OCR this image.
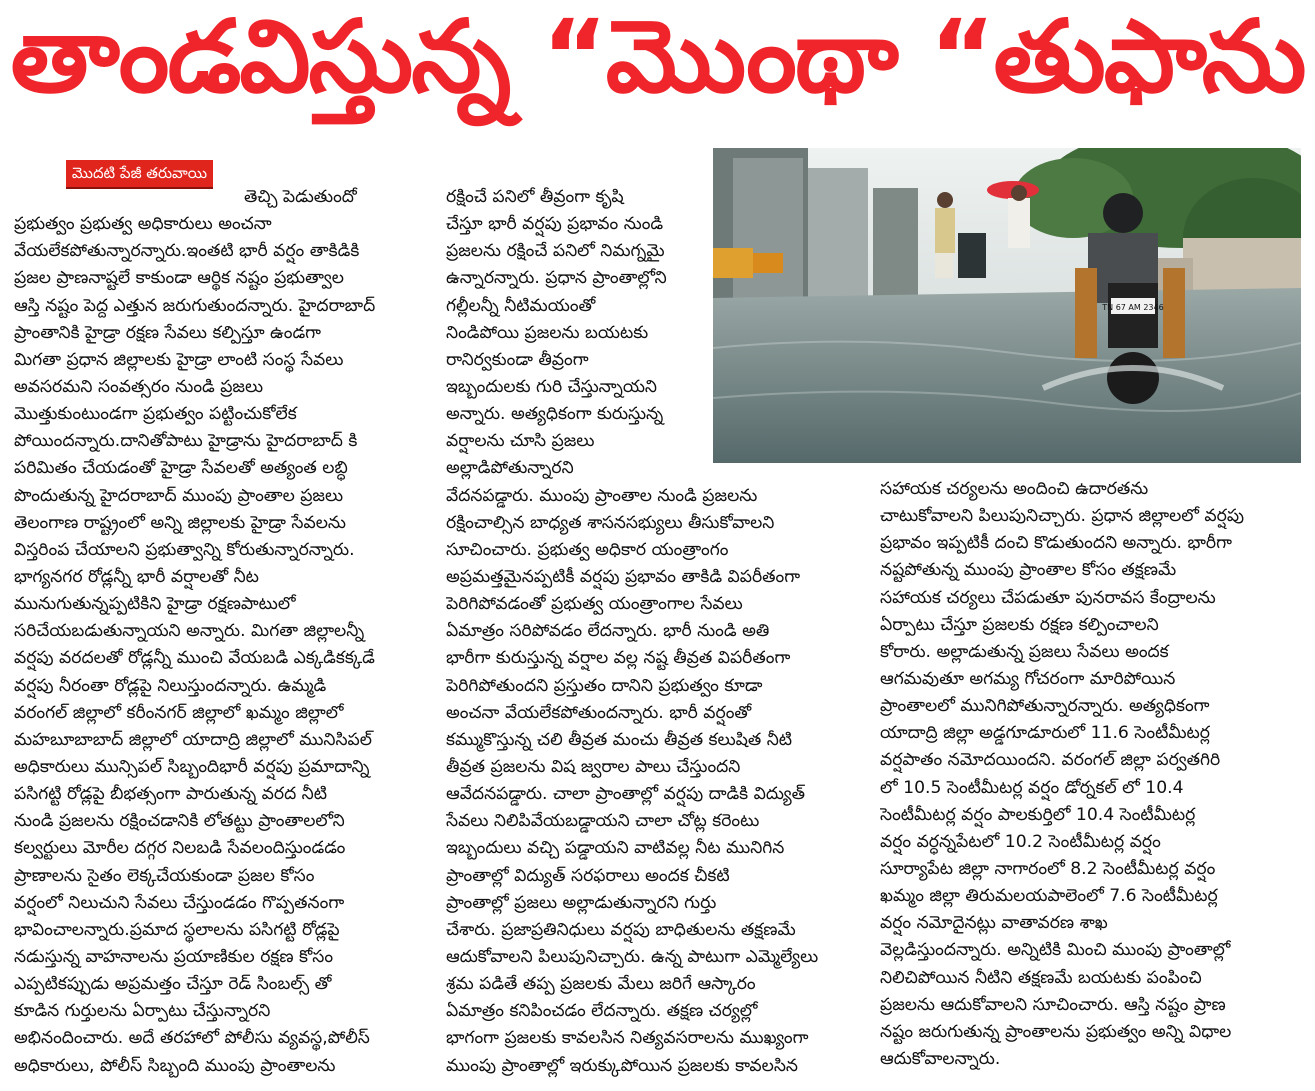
తాండవిస్తున్న “మొంథా “తుఫాను
మొదటి పేజీ తరువాయి
తెచ్చి పెడుతుందో
ప్రభుత్వం ప్రభుత్వ అధికారులు అంచనా
వేయలేకపోతున్నారన్నారు.ఇంతటి భారీ వర్షం తాకిడికి
ప్రజల ప్రాణనాష్టలే కాకుండా ఆర్థిక నష్టం ప్రభుత్వాల
ఆస్తి నష్టం పెద్ద ఎత్తున జరుగుతుందన్నారు. హైదరాబాద్
ప్రాంతానికి హైడ్రా రక్షణ సేవలు కల్పిస్తూ ఉండగా
మిగతా ప్రధాన జిల్లాలకు హైడ్రా లాంటి సంస్థ సేవలు
అవసరమని సంవత్సరం నుండి ప్రజలు
మొత్తుకుంటుండగా ప్రభుత్వం పట్టించుకోలేక
పోయిందన్నారు.దానితోపాటు హైడ్రాను హైదరాబాద్ కి
పరిమితం చేయడంతో హైడ్రా సేవలతో అత్యంత లబ్ధి
పొందుతున్న హైదరాబాద్ ముంపు ప్రాంతాల ప్రజలు
తెలంగాణ రాష్ట్రంలో అన్ని జిల్లాలకు హైడ్రా సేవలను
విస్తరింప చేయాలని ప్రభుత్వాన్ని కోరుతున్నారన్నారు.
భాగ్యనగర రోడ్లన్నీ భారీ వర్షాలతో నీట
మునుగుతున్నప్పటికిని హైడ్రా రక్షణపాటులో
సరిచేయబడుతున్నాయని అన్నారు. మిగతా జిల్లాలన్నీ
వర్షపు వరదలతో రోడ్లన్నీ ముంచి వేయబడి ఎక్కడికక్కడే
వర్షపు నీరంతా రోడ్లపై నిలుస్తుందన్నారు. ఉమ్మడి
వరంగల్ జిల్లాలో కరీంనగర్ జిల్లాలో ఖమ్మం జిల్లాలో
మహబూబాబాద్ జిల్లాలో యాదాద్రి జిల్లాలో మునిసిపల్
అధికారులు మున్సిపల్ సిబ్బందిభారీ వర్షపు ప్రమాదాన్ని
పసిగట్టి రోడ్లపై బీభత్సంగా పారుతున్న వరద నీటి
నుండి ప్రజలను రక్షించడానికి లోతట్టు ప్రాంతాలలోని
కల్వర్టులు మోరీల దగ్గర నిలబడి సేవలందిస్తుండడం
ప్రాణాలను సైతం లెక్కచేయకుండా ప్రజల కోసం
వర్షంలో నిలుచుని సేవలు చేస్తుండడం గొప్పతనంగా
భావించాలన్నారు.ప్రమాద స్థలాలను పసిగట్టి రోడ్లపై
నడుస్తున్న వాహనాలను ప్రయాణికుల రక్షణ కోసం
ఎప్పటికప్పుడు అప్రమత్తం చేస్తూ రెడ్ సింబల్స్ తో
కూడిన గుర్తులను ఏర్పాటు చేస్తున్నారని
అభినందించారు. అదే తరహాలో పోలీసు వ్యవస్థ,పోలీస్
అధికారులు, పోలీస్ సిబ్బంది ముంపు ప్రాంతాలను
రక్షించే పనిలో తీవ్రంగా కృషి
చేస్తూ భారీ వర్షపు ప్రభావం నుండి
ప్రజలను రక్షించే పనిలో నిమగ్నమై
ఉన్నారన్నారు. ప్రధాన ప్రాంతాల్లోని
గల్లీలన్నీ నీటిమయంతో
నిండిపోయి ప్రజలను బయటకు
రానిర్వకుండా తీవ్రంగా
ఇబ్బందులకు గురి చేస్తున్నాయని
అన్నారు. అత్యధికంగా కురుస్తున్న
వర్షాలను చూసి ప్రజలు
అల్లాడిపోతున్నారని
వేదనపడ్డారు. ముంపు ప్రాంతాల నుండి ప్రజలను
రక్షించాల్సిన బాధ్యత శాసనసభ్యులు తీసుకోవాలని
సూచించారు. ప్రభుత్వ అధికార యంత్రాంగం
అప్రమత్తమైనప్పటికీ వర్షపు ప్రభావం తాకిడి విపరీతంగా
పెరిగిపోవడంతో ప్రభుత్వ యంత్రాంగాల సేవలు
ఏమాత్రం సరిపోవడం లేదన్నారు. భారీ నుండి అతి
భారీగా కురుస్తున్న వర్షాల వల్ల నష్ట తీవ్రత విపరీతంగా
పెరిగిపోతుందని ప్రస్తుతం దానిని ప్రభుత్వం కూడా
అంచనా వేయలేకపోతుందన్నారు. భారీ వర్షంతో
కమ్ముకొస్తున్న చలి తీవ్రత మంచు తీవ్రత కలుషిత నీటి
తీవ్రత ప్రజలను విష జ్వరాల పాలు చేస్తుందని
ఆవేదనపడ్డారు. చాలా ప్రాంతాల్లో వర్షపు దాడికి విద్యుత్
సేవలు నిలిపివేయబడ్డాయని చాలా చోట్ల కరెంటు
ఇబ్బందులు వచ్చి పడ్డాయని వాటివల్ల నీట మునిగిన
ప్రాంతాల్లో విద్యుత్ సరఫరాలు అందక చీకటి
ప్రాంతాల్లో ప్రజలు అల్లాడుతున్నారని గుర్తు
చేశారు. ప్రజాప్రతినిధులు వర్షపు బాధితులను తక్షణమే
ఆదుకోవాలని పిలుపునిచ్చారు. ఉన్న పాటుగా ఎమ్మెల్యేలు
శ్రమ పడితే తప్ప ప్రజలకు మేలు జరిగే ఆస్కారం
ఏమాత్రం కనిపించడం లేదన్నారు. తక్షణ చర్యల్లో
భాగంగా ప్రజలకు కావలసిన నిత్యవసరాలను ముఖ్యంగా
ముంపు ప్రాంతాల్లో ఇరుక్కుపోయిన ప్రజలకు కావలసిన
సహాయక చర్యలను అందించి ఉదారతను
చాటుకోవాలని పిలుపునిచ్చారు. ప్రధాన జిల్లాలలో వర్షపు
ప్రభావం ఇప్పటికీ దంచి కొడుతుందని అన్నారు. భారీగా
నష్టపోతున్న ముంపు ప్రాంతాల కోసం తక్షణమే
సహాయక చర్యలు చేపడుతూ పునరావస కేంద్రాలను
ఏర్పాటు చేస్తూ ప్రజలకు రక్షణ కల్పించాలని
కోరారు. అల్లాడుతున్న ప్రజలు సేవలు అందక
ఆగమవుతూ అగమ్య గోచరంగా మారిపోయిన
ప్రాంతాలలో మునిగిపోతున్నారన్నారు. అత్యధికంగా
యాదాద్రి జిల్లా అడ్డగూడూరులో 11.6 సెంటీమీటర్ల
వర్షపాతం నమోదయిందని. వరంగల్ జిల్లా పర్వతగిరి
లో 10.5 సెంటీమీటర్ల వర్షం డోర్నకల్ లో 10.4
సెంటీమీటర్ల వర్షం పాలకుర్తిలో 10.4 సెంటీమీటర్ల
వర్షం వర్ధన్నపేటలో 10.2 సెంటీమీటర్ల వర్షం
సూర్యాపేట జిల్లా నాగారంలో 8.2 సెంటీమీటర్ల వర్షం
ఖమ్మం జిల్లా తిరుమలయపాలెంలో 7.6 సెంటీమీటర్ల
వర్షం నమోదైనట్లు వాతావరణ శాఖ
వెల్లడిస్తుందన్నారు. అన్నిటికి మించి ముంపు ప్రాంతాల్లో
నిలిచిపోయిన నీటిని తక్షణమే బయటకు పంపించి
ప్రజలను ఆదుకోవాలని సూచించారు. ఆస్తి నష్టం ప్రాణ
నష్టం జరుగుతున్న ప్రాంతాలను ప్రభుత్వం అన్ని విధాల
ఆదుకోవాలన్నారు.
TN 67 AM 2346
